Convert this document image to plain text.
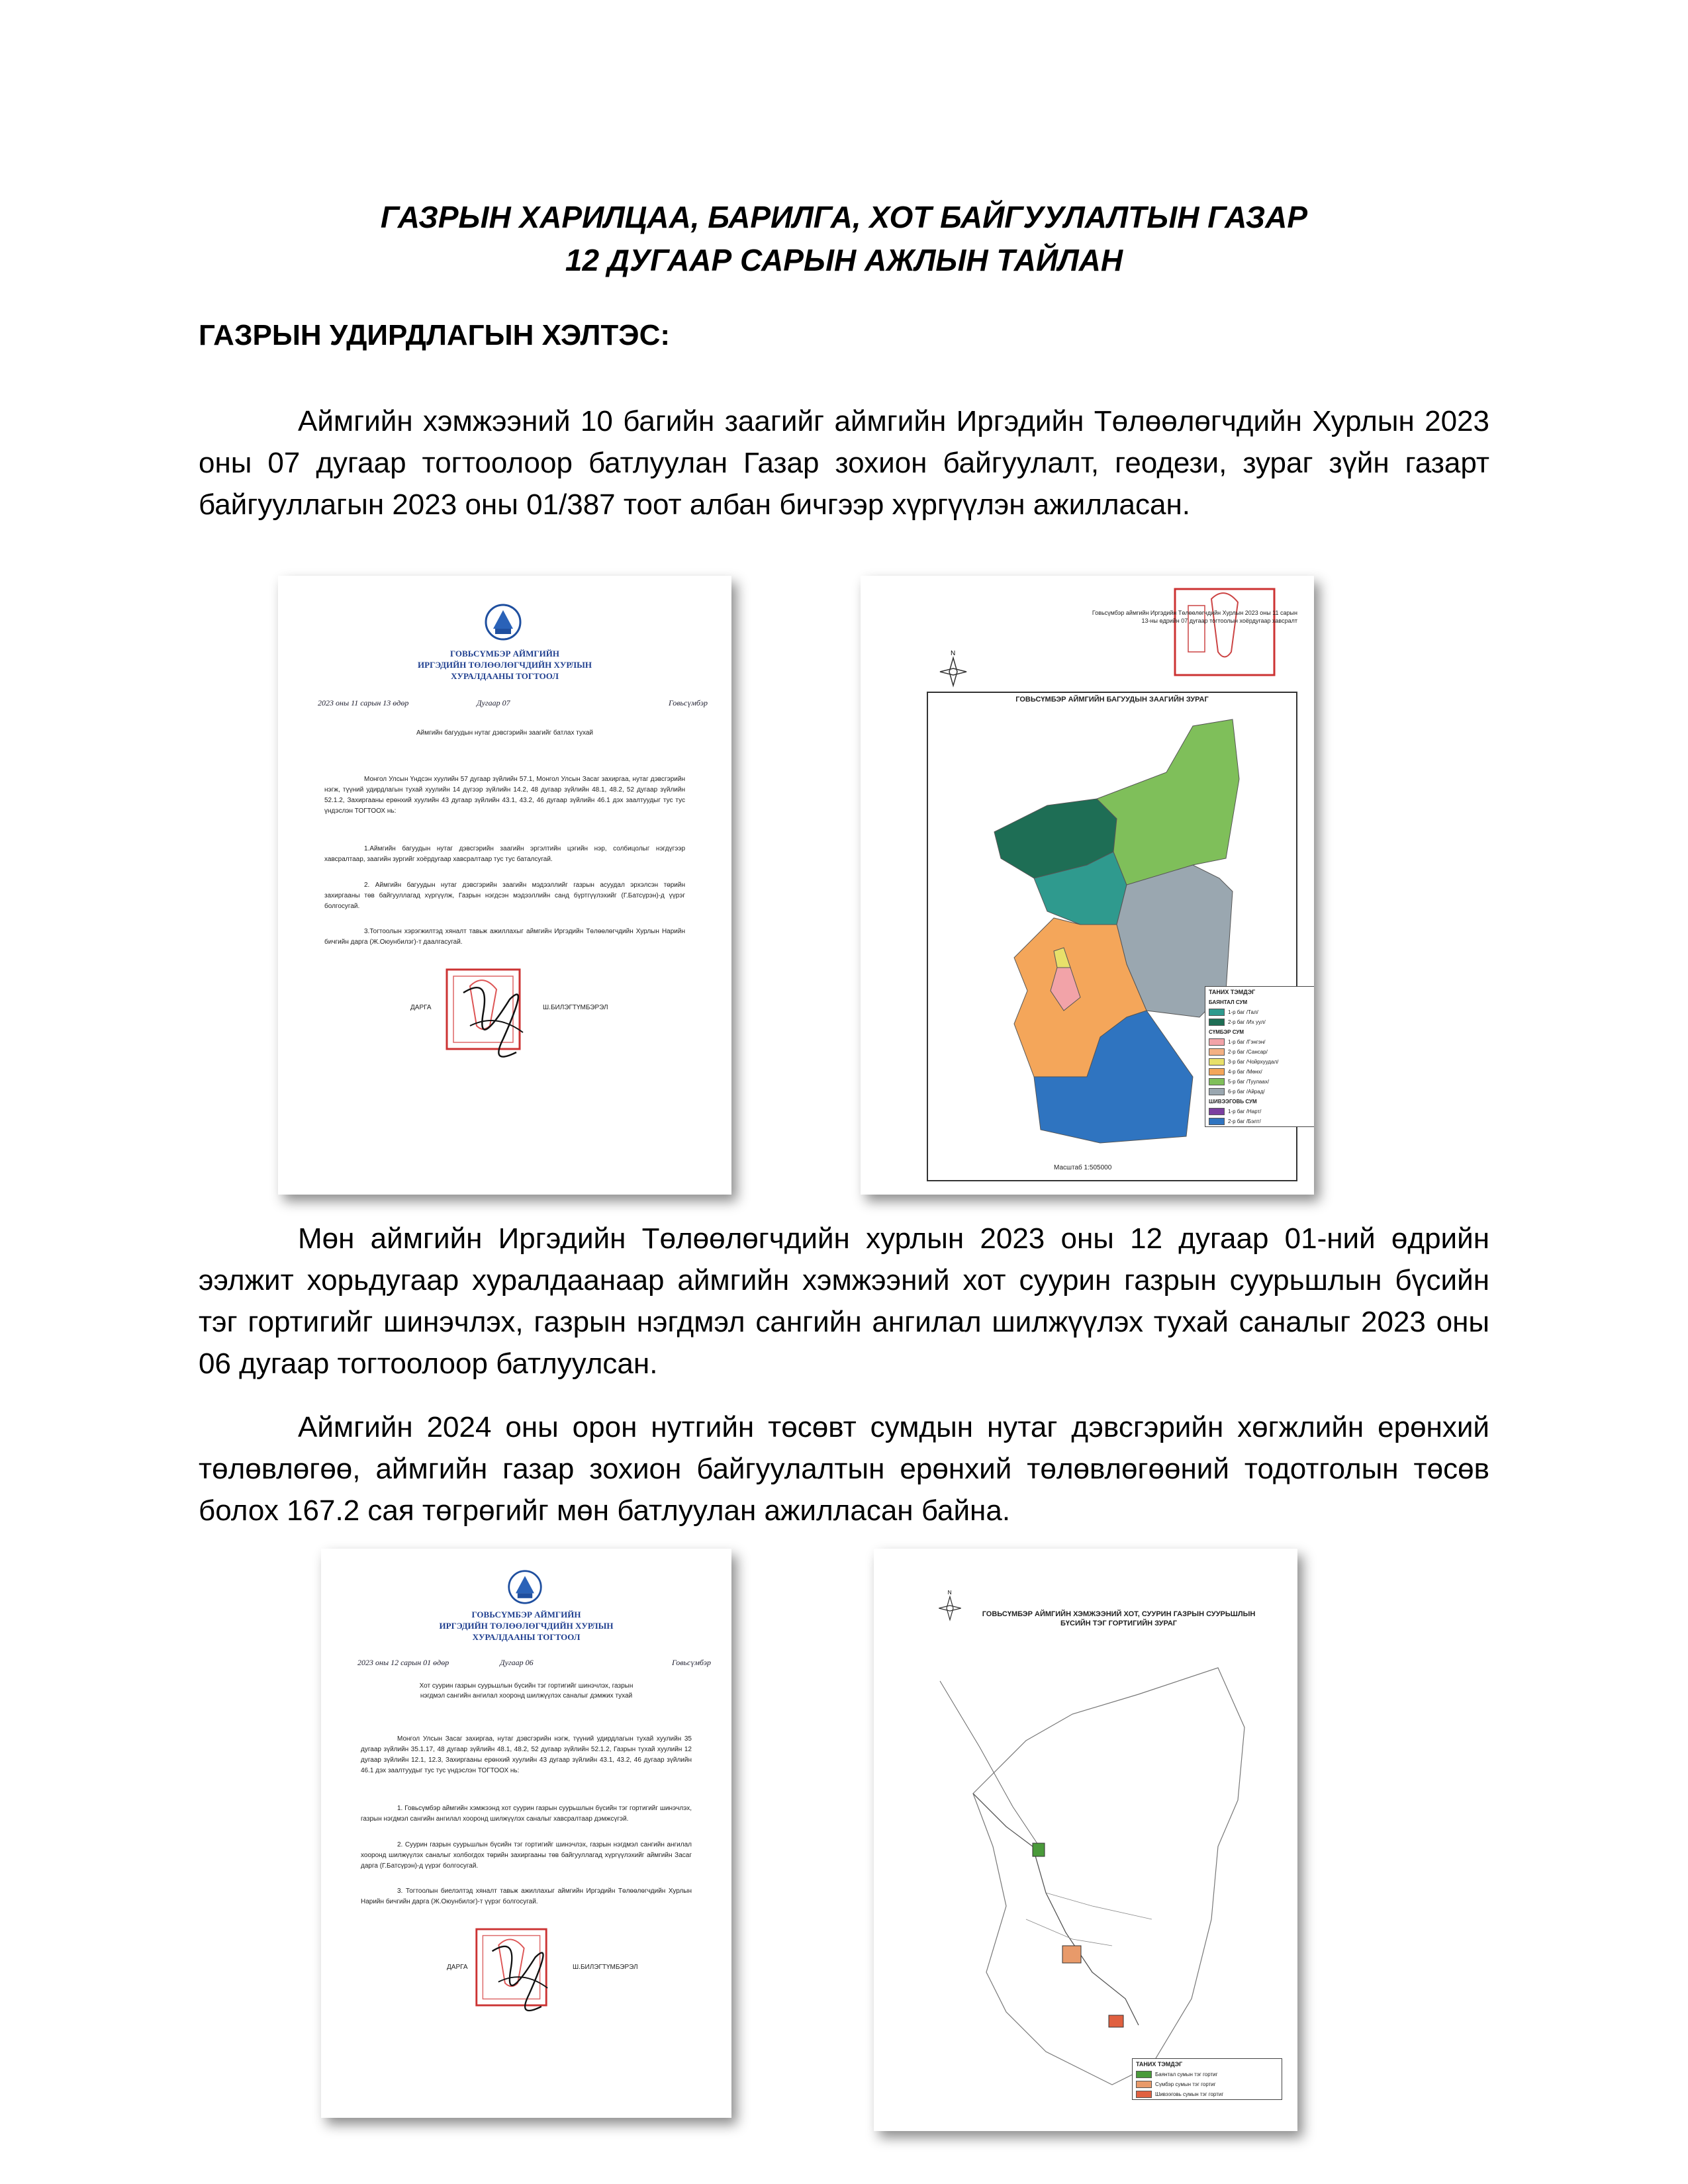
ГАЗРЫН ХАРИЛЦАА, БАРИЛГА, ХОТ БАЙГУУЛАЛТЫН ГАЗАР
12 ДУГААР САРЫН АЖЛЫН ТАЙЛАН
ГАЗРЫН УДИРДЛАГЫН ХЭЛТЭС:

Аймгийн хэмжээний 10 багийн заагийг аймгийн Иргэдийн Төлөөлөгчдийн Хурлын 2023 оны 07 дугаар тогтоолоор батлуулан Газар зохион байгуулалт, геодези, зураг зүйн газарт байгууллагын 2023 оны 01/387 тоот албан бичгээр хүргүүлэн ажилласан.

ГОВЬСҮМБЭР АЙМГИЙН
ИРГЭДИЙН ТӨЛӨӨЛӨГЧДИЙН ХУРЛЫН
ХУРАЛДААНЫ ТОГТООЛ
2023 оны 11 сарын 13 өдөр	Дугаар 07	Говьсүмбэр
Аймгийн багуудын нутаг дэвсгэрийн заагийг батлах тухай
Монгол Улсын Үндсэн хуулийн 57 дугаар зүйлийн 57.1, Монгол Улсын Засаг захиргаа, нутаг дэвсгэрийн нэгж, түүний удирдлагын тухай хуулийн 14 дүгээр зүйлийн 14.2, 48 дугаар зүйлийн 48.1, 48.2, 52 дугаар зүйлийн 52.1.2, Захиргааны ерөнхий хуулийн 43 дугаар зүйлийн 43.1, 43.2, 46 дугаар зүйлийн 46.1 дэх заалтуудыг тус тус үндэслэн ТОГТООХ нь:
1.Аймгийн багуудын нутаг дэвсгэрийн заагийн эргэлтийн цэгийн нэр, солбицолыг нэгдүгээр хавсралтаар, заагийн зургийг хоёрдугаар хавсралтаар тус тус баталсугай.
2. Аймгийн багуудын нутаг дэвсгэрийн заагийн мэдээллийг газрын асуудал эрхэлсэн төрийн захиргааны төв байгууллагад хүргүүлж, Газрын нэгдсэн мэдээллийн санд бүртгүүлэхийг (Г.Батсүрэн)-д үүрэг болгосугай.
3.Тогтоолын хэрэгжилтэд хяналт тавьж ажиллахыг аймгийн Иргэдийн Төлөөлөгчдийн Хурлын Нарийн бичгийн дарга (Ж.Оюунбилэг)-т даалгасугай.
ДАРГА	Ш.БИЛЭГТҮМБЭРЭЛ
Говьсүмбэр аймгийн Иргэдийн Төлөөлөгчдийн Хурлын 2023 оны 11 сарын 13-ны өдрийн 07 дугаар тогтоолын хоёрдугаар хавсралт
N
ГОВЬСҮМБЭР АЙМГИЙН БАГУУДЫН ЗААГИЙН ЗУРАГ
Масштаб 1:505000
ТАНИХ ТЭМДЭГ
БАЯНТАЛ СУМ
1-р баг /Тал/
2-р баг /Их уул/
СҮМБЭР СУМ
1-р баг /Гэнгэн/
2-р баг /Сансар/
3-р баг /Чойрхуудал/
4-р баг /Мөнх/
5-р баг /Туулаах/
6-р баг /Айрад/
ШИВЭЭГОВЬ СУМ
1-р баг /Нарт/
2-р баг /Бэлт/

Мөн аймгийн Иргэдийн Төлөөлөгчдийн хурлын 2023 оны 12 дугаар 01-ний өдрийн ээлжит хорьдугаар хуралдаанаар аймгийн хэмжээний хот суурин газрын суурьшлын бүсийн тэг гортигийг шинэчлэх, газрын нэгдмэл сангийн ангилал шилжүүлэх тухай саналыг 2023 оны 06 дугаар тогтоолоор батлуулсан.

Аймгийн 2024 оны орон нутгийн төсөвт сумдын нутаг дэвсгэрийн хөгжлийн ерөнхий төлөвлөгөө, аймгийн газар зохион байгуулалтын ерөнхий төлөвлөгөөний тодотголын төсөв болох 167.2 сая төгрөгийг мөн батлуулан ажилласан байна.

ГОВЬСҮМБЭР АЙМГИЙН
ИРГЭДИЙН ТӨЛӨӨЛӨГЧДИЙН ХУРЛЫН
ХУРАЛДААНЫ ТОГТООЛ
2023 оны 12 сарын 01 өдөр	Дугаар 06	Говьсүмбэр
Хот суурин газрын суурьшлын бүсийн тэг гортигийг шинэчлэх, газрын нэгдмэл сангийн ангилал хооронд шилжүүлэх саналыг дэмжих тухай
Монгол Улсын Засаг захиргаа, нутаг дэвсгэрийн нэгж, түүний удирдлагын тухай хуулийн 35 дугаар зүйлийн 35.1.17, 48 дугаар зүйлийн 48.1, 48.2, 52 дугаар зүйлийн 52.1.2, Газрын тухай хуулийн 12 дугаар зүйлийн 12.1, 12.3, Захиргааны ерөнхий хуулийн 43 дугаар зүйлийн 43.1, 43.2, 46 дугаар зүйлийн 46.1 дэх заалтуудыг тус тус үндэслэн ТОГТООХ нь:
1. Говьсүмбэр аймгийн хэмжээнд хот суурин газрын суурьшлын бүсийн тэг гортигийг шинэчлэх, газрын нэгдмэл сангийн ангилал хооронд шилжүүлэх саналыг хавсралтаар дэмжсүгэй.
2. Суурин газрын суурьшлын бүсийн тэг гортигийг шинэчлэх, газрын нэгдмэл сангийн ангилал хооронд шилжүүлэх саналыг холбогдох төрийн захиргааны төв байгууллагад хүргүүлэхийг аймгийн Засаг дарга (Г.Батсүрэн)-д үүрэг болгосугай.
3. Тогтоолын биелэлтэд хяналт тавьж ажиллахыг аймгийн Иргэдийн Төлөөлөгчдийн Хурлын Нарийн бичгийн дарга (Ж.Оюунбилэг)-т үүрэг болгосугай.
ДАРГА	Ш.БИЛЭГТҮМБЭРЭЛ
N
ГОВЬСҮМБЭР АЙМГИЙН ХЭМЖЭЭНИЙ ХОТ, СУУРИН ГАЗРЫН СУУРЬШЛЫН БҮСИЙН ТЭГ ГОРТИГИЙН ЗУРАГ
ТАНИХ ТЭМДЭГ
Баянтал сумын тэг гортиг
Сүмбэр сумын тэг гортиг
Шивээговь сумын тэг гортиг
